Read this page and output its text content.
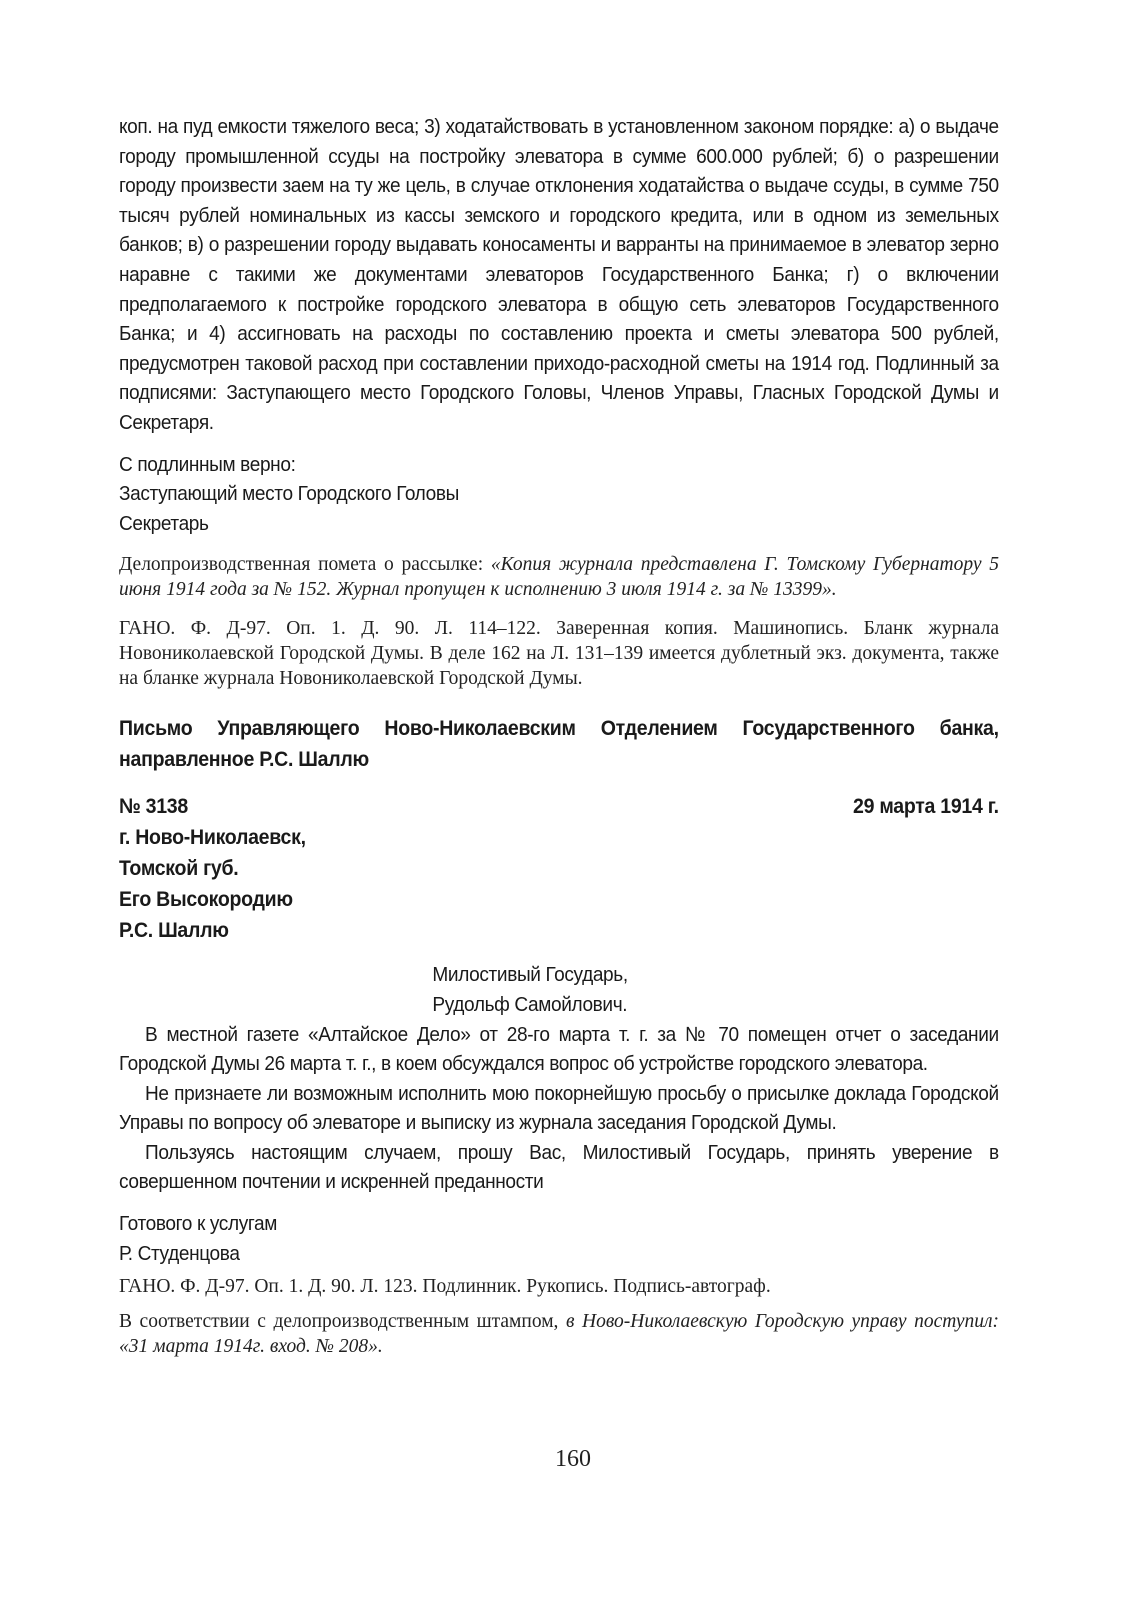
коп. на пуд емкости тяжелого веса; 3) ходатайствовать в установленном законом порядке: а) о выдаче городу промышленной ссуды на постройку элеватора в сумме 600.000 рублей; б) о разрешении городу произвести заем на ту же цель, в случае отклонения ходатайства о выдаче ссуды, в сумме 750 тысяч рублей номинальных из кассы земского и городского кредита, или в одном из земельных банков; в) о разрешении городу выдавать коносаменты и варранты на принимаемое в элеватор зерно наравне с такими же документами элеваторов Государственного Банка; г) о включении предполагаемого к постройке городского элеватора в общую сеть элеваторов Государственного Банка; и 4) ассигновать на расходы по составлению проекта и сметы элеватора 500 рублей, предусмотрен таковой расход при составлении приходо-расходной сметы на 1914 год. Подлинный за подписями: Заступающего место Городского Головы, Членов Управы, Гласных Городской Думы и Секретаря.

С подлинным верно:

Заступающий место Городского Головы

Секретарь

Делопроизводственная помета о рассылке: «Копия журнала представлена Г. Томскому Губернатору 5 июня 1914 года за № 152. Журнал пропущен к исполнению 3 июля 1914 г. за № 13399».

ГАНО. Ф. Д-97. Оп. 1. Д. 90. Л. 114–122. Заверенная копия. Машинопись. Бланк журнала Новониколаевской Городской Думы. В деле 162 на Л. 131–139 имеется дублетный экз. документа, также на бланке журнала Новониколаевской Городской Думы.

Письмо Управляющего Ново-Николаевским Отделением Государственного банка, направленное Р.С. Шаллю

№ 3138	29 марта 1914 г.

г. Ново-Николаевск,

Томской губ.

Его Высокородию

Р.С. Шаллю

Милостивый Государь,

Рудольф Самойлович.

В местной газете «Алтайское Дело» от 28-го марта т. г. за № 70 помещен отчет о заседании Городской Думы 26 марта т. г., в коем обсуждался вопрос об устройстве городского элеватора.

Не признаете ли возможным исполнить мою покорнейшую просьбу о присылке доклада Городской Управы по вопросу об элеваторе и выписку из журнала заседания Городской Думы.

Пользуясь настоящим случаем, прошу Вас, Милостивый Государь, принять уверение в совершенном почтении и искренней преданности

Готового к услугам

Р. Студенцова

ГАНО. Ф. Д-97. Оп. 1. Д. 90. Л. 123. Подлинник. Рукопись. Подпись-автограф.

В соответствии с делопроизводственным штампом, в Ново-Николаевскую Городскую управу поступил: «31 марта 1914г. вход. № 208».

160
